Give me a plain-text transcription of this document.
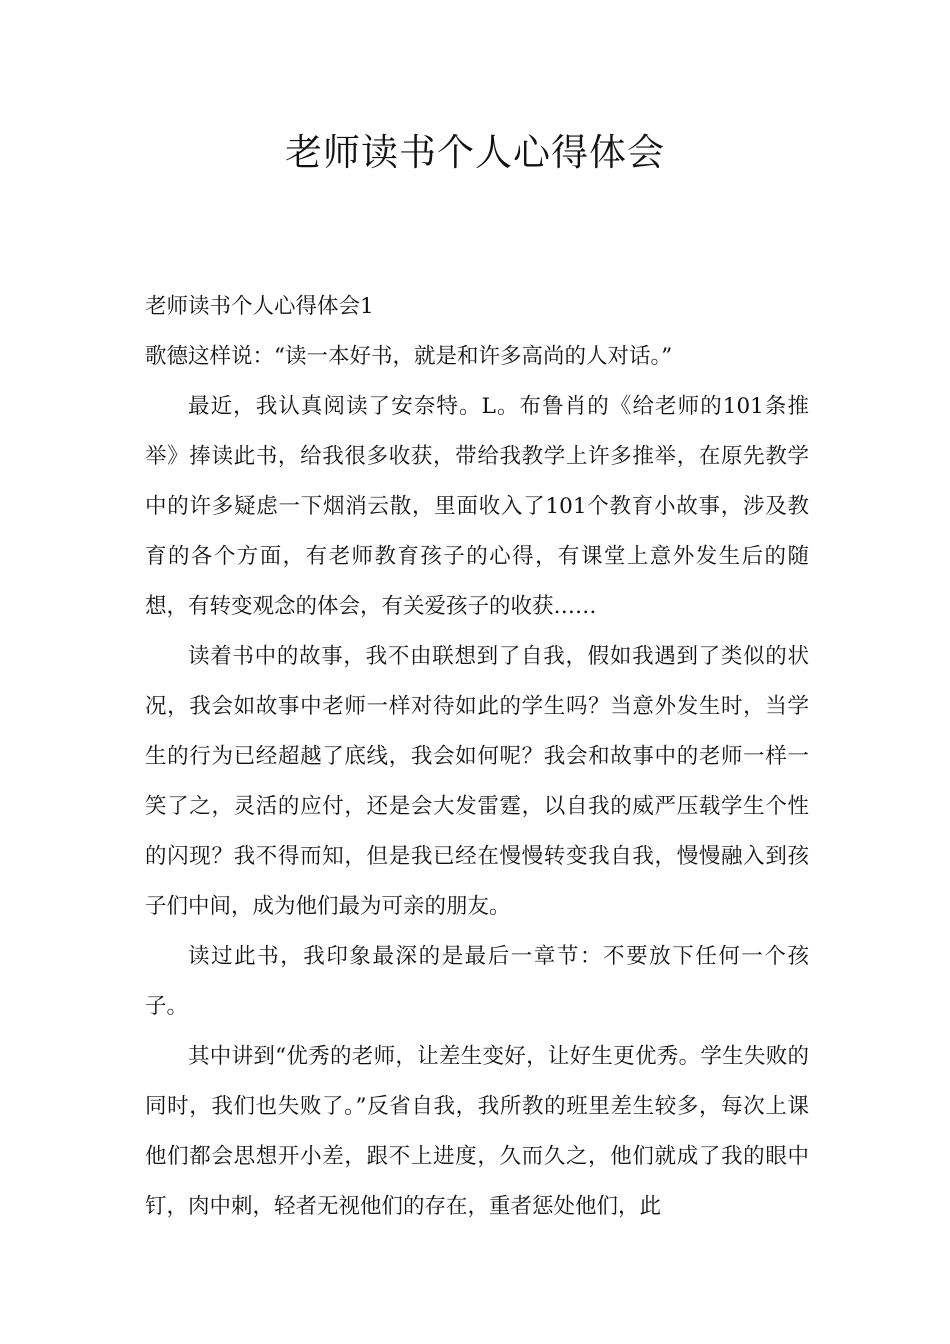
老师读书个人心得体会

老师读书个人心得体会1

歌德这样说：“读一本好书，就是和许多高尚的人对话。”

最近，我认真阅读了安奈特。L。布鲁肖的《给老师的101条推举》捧读此书，给我很多收获，带给我教学上许多推举，在原先教学中的许多疑虑一下烟消云散，里面收入了101个教育小故事，涉及教育的各个方面，有老师教育孩子的心得，有课堂上意外发生后的随想，有转变观念的体会，有关爱孩子的收获……

读着书中的故事，我不由联想到了自我，假如我遇到了类似的状况，我会如故事中老师一样对待如此的学生吗？当意外发生时，当学生的行为已经超越了底线，我会如何呢？我会和故事中的老师一样一笑了之，灵活的应付，还是会大发雷霆，以自我的威严压载学生个性的闪现？我不得而知，但是我已经在慢慢转变我自我，慢慢融入到孩子们中间，成为他们最为可亲的朋友。

读过此书，我印象最深的是最后一章节：不要放下任何一个孩子。

其中讲到“优秀的老师，让差生变好，让好生更优秀。学生失败的同时，我们也失败了。”反省自我，我所教的班里差生较多，每次上课他们都会思想开小差，跟不上进度，久而久之，他们就成了我的眼中钉，肉中刺，轻者无视他们的存在，重者惩处他们，此
